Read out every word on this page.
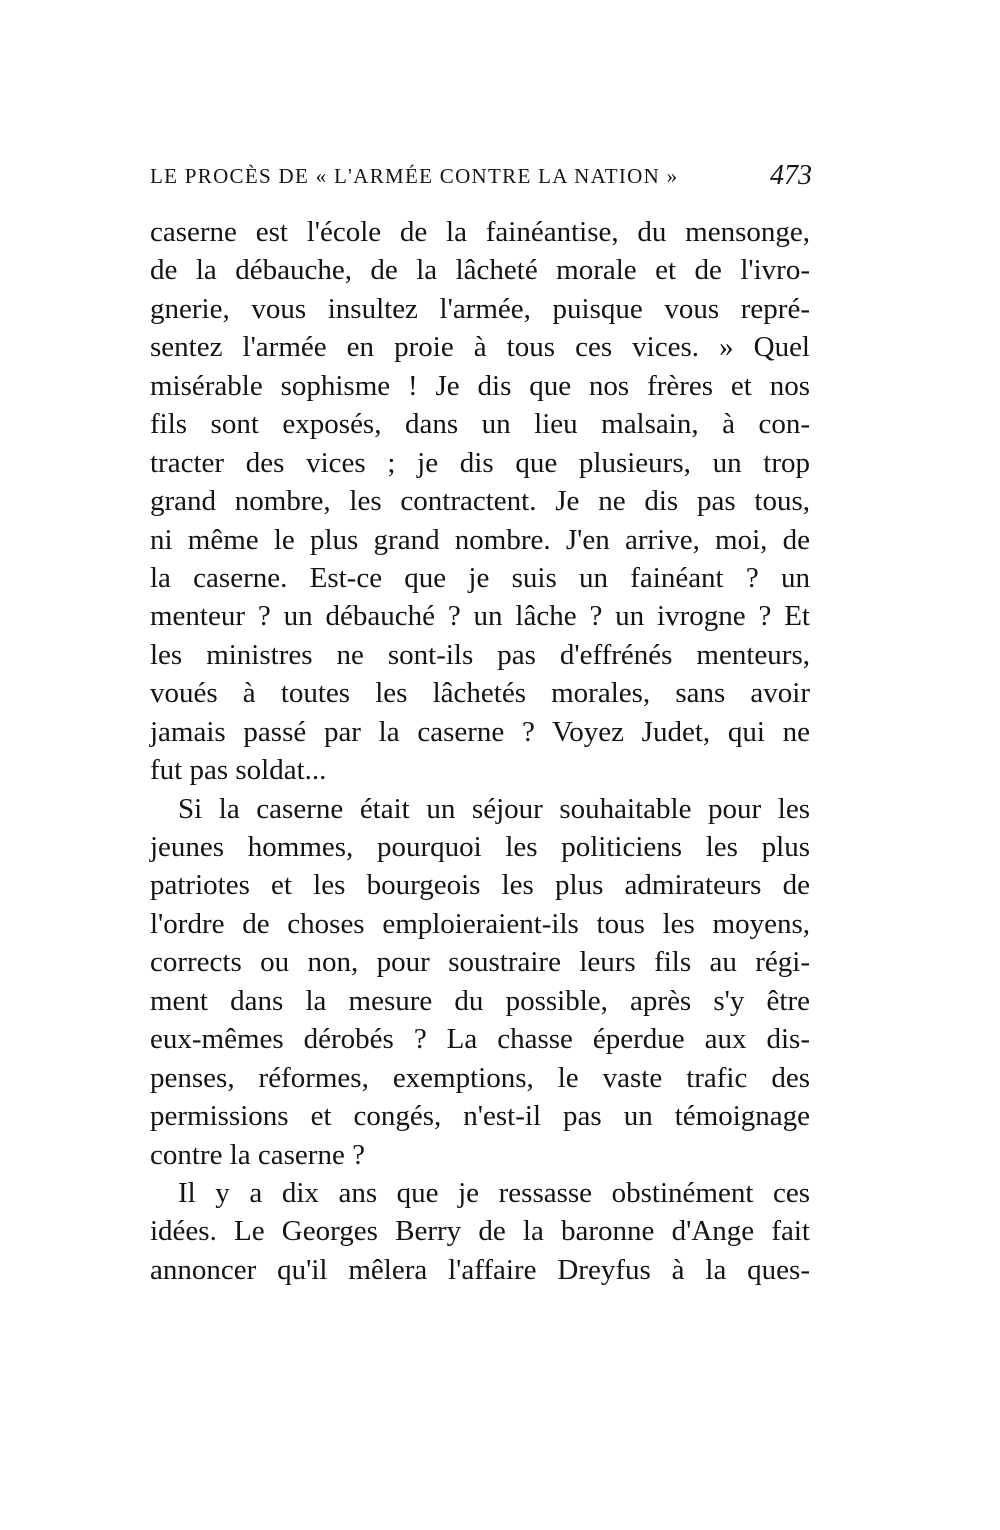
LE PROCÈS DE « L'ARMÉE CONTRE LA NATION »	473
caserne est l'école de la fainéantise, du mensonge,
de la débauche, de la lâcheté morale et de l'ivro-
gnerie, vous insultez l'armée, puisque vous repré-
sentez l'armée en proie à tous ces vices. » Quel
misérable sophisme ! Je dis que nos frères et nos
fils sont exposés, dans un lieu malsain, à con-
tracter des vices ; je dis que plusieurs, un trop
grand nombre, les contractent. Je ne dis pas tous,
ni même le plus grand nombre. J'en arrive, moi, de
la caserne. Est-ce que je suis un fainéant ? un
menteur ? un débauché ? un lâche ? un ivrogne ? Et
les ministres ne sont-ils pas d'effrénés menteurs,
voués à toutes les lâchetés morales, sans avoir
jamais passé par la caserne ? Voyez Judet, qui ne
fut pas soldat...
Si la caserne était un séjour souhaitable pour les
jeunes hommes, pourquoi les politiciens les plus
patriotes et les bourgeois les plus admirateurs de
l'ordre de choses emploieraient-ils tous les moyens,
corrects ou non, pour soustraire leurs fils au régi-
ment dans la mesure du possible, après s'y être
eux-mêmes dérobés ? La chasse éperdue aux dis-
penses, réformes, exemptions, le vaste trafic des
permissions et congés, n'est-il pas un témoignage
contre la caserne ?
Il y a dix ans que je ressasse obstinément ces
idées. Le Georges Berry de la baronne d'Ange fait
annoncer qu'il mêlera l'affaire Dreyfus à la ques-
